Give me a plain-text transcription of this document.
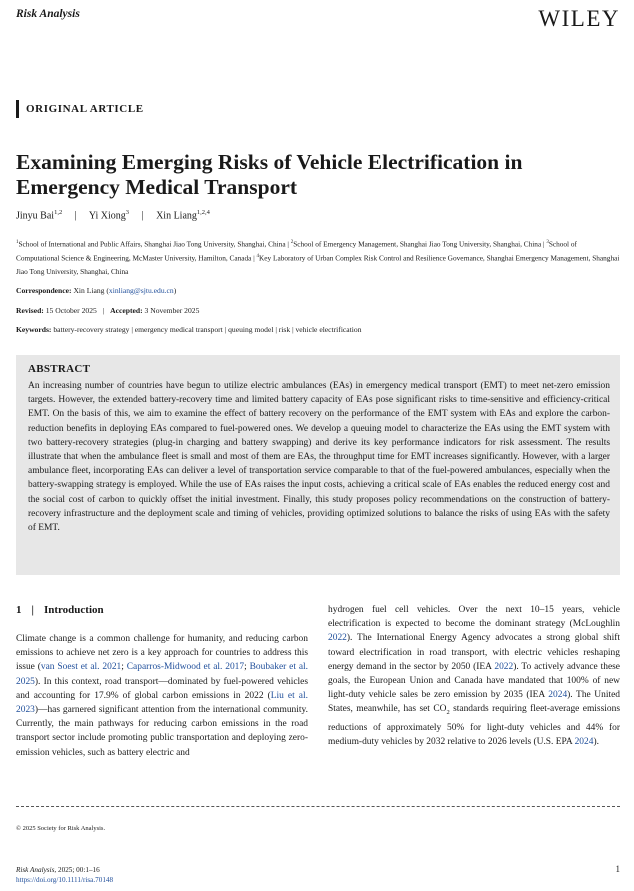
Risk Analysis	WILEY
ORIGINAL ARTICLE
Examining Emerging Risks of Vehicle Electrification in Emergency Medical Transport
Jinyu Bai$^{1,2}$ | Yi Xiong$^3$ | Xin Liang$^{1,2,4}$
$^1$School of International and Public Affairs, Shanghai Jiao Tong University, Shanghai, China | $^2$School of Emergency Management, Shanghai Jiao Tong University, Shanghai, China | $^3$School of Computational Science & Engineering, McMaster University, Hamilton, Canada | $^4$Key Laboratory of Urban Complex Risk Control and Resilience Governance, Shanghai Emergency Management, Shanghai Jiao Tong University, Shanghai, China
Correspondence: Xin Liang (xinliang@sjtu.edu.cn)
Revised: 15 October 2025 | Accepted: 3 November 2025
Keywords: battery-recovery strategy | emergency medical transport | queuing model | risk | vehicle electrification
ABSTRACT
An increasing number of countries have begun to utilize electric ambulances (EAs) in emergency medical transport (EMT) to meet net-zero emission targets. However, the extended battery-recovery time and limited battery capacity of EAs pose significant risks to time-sensitive and efficiency-critical EMT. On the basis of this, we aim to examine the effect of battery recovery on the performance of the EMT system with EAs and explore the carbon-reduction benefits in deploying EAs compared to fuel-powered ones. We develop a queuing model to characterize the EAs using the EMT system with two battery-recovery strategies (plug-in charging and battery swapping) and derive its key performance indicators for risk assessment. The results illustrate that when the ambulance fleet is small and most of them are EAs, the throughput time for EMT increases significantly. However, with a larger ambulance fleet, incorporating EAs can deliver a level of transportation service comparable to that of the fuel-powered ambulances, especially when the battery-swapping strategy is employed. While the use of EAs raises the input costs, achieving a critical scale of EAs enables the reduced energy cost and the social cost of carbon to quickly offset the initial investment. Finally, this study proposes policy recommendations on the construction of battery-recovery infrastructure and the deployment scale and timing of vehicles, providing optimized solutions to balance the risks of using EAs with the safety of EMT.
1 | Introduction
Climate change is a common challenge for humanity, and reducing carbon emissions to achieve net zero is a key approach for countries to address this issue (van Soest et al. 2021; Caparros-Midwood et al. 2017; Boubaker et al. 2025). In this context, road transport—dominated by fuel-powered vehicles and accounting for 17.9% of global carbon emissions in 2022 (Liu et al. 2023)—has garnered significant attention from the international community. Currently, the main pathways for reducing carbon emissions in the road transport sector include promoting public transportation and deploying zero-emission vehicles, such as battery electric and
hydrogen fuel cell vehicles. Over the next 10–15 years, vehicle electrification is expected to become the dominant strategy (McLoughlin 2022). The International Energy Agency advocates a strong global shift toward electrification in road transport, with electric vehicles reshaping energy demand in the sector by 2050 (IEA 2022). To actively advance these goals, the European Union and Canada have mandated that 100% of new light-duty vehicle sales be zero emission by 2035 (IEA 2024). The United States, meanwhile, has set $CO_2$ standards requiring fleet-average emissions reductions of approximately 50% for light-duty vehicles and 44% for medium-duty vehicles by 2032 relative to 2026 levels (U.S. EPA 2024).
© 2025 Society for Risk Analysis.
Risk Analysis, 2025; 00:1–16
https://doi.org/10.1111/risa.70148
1
